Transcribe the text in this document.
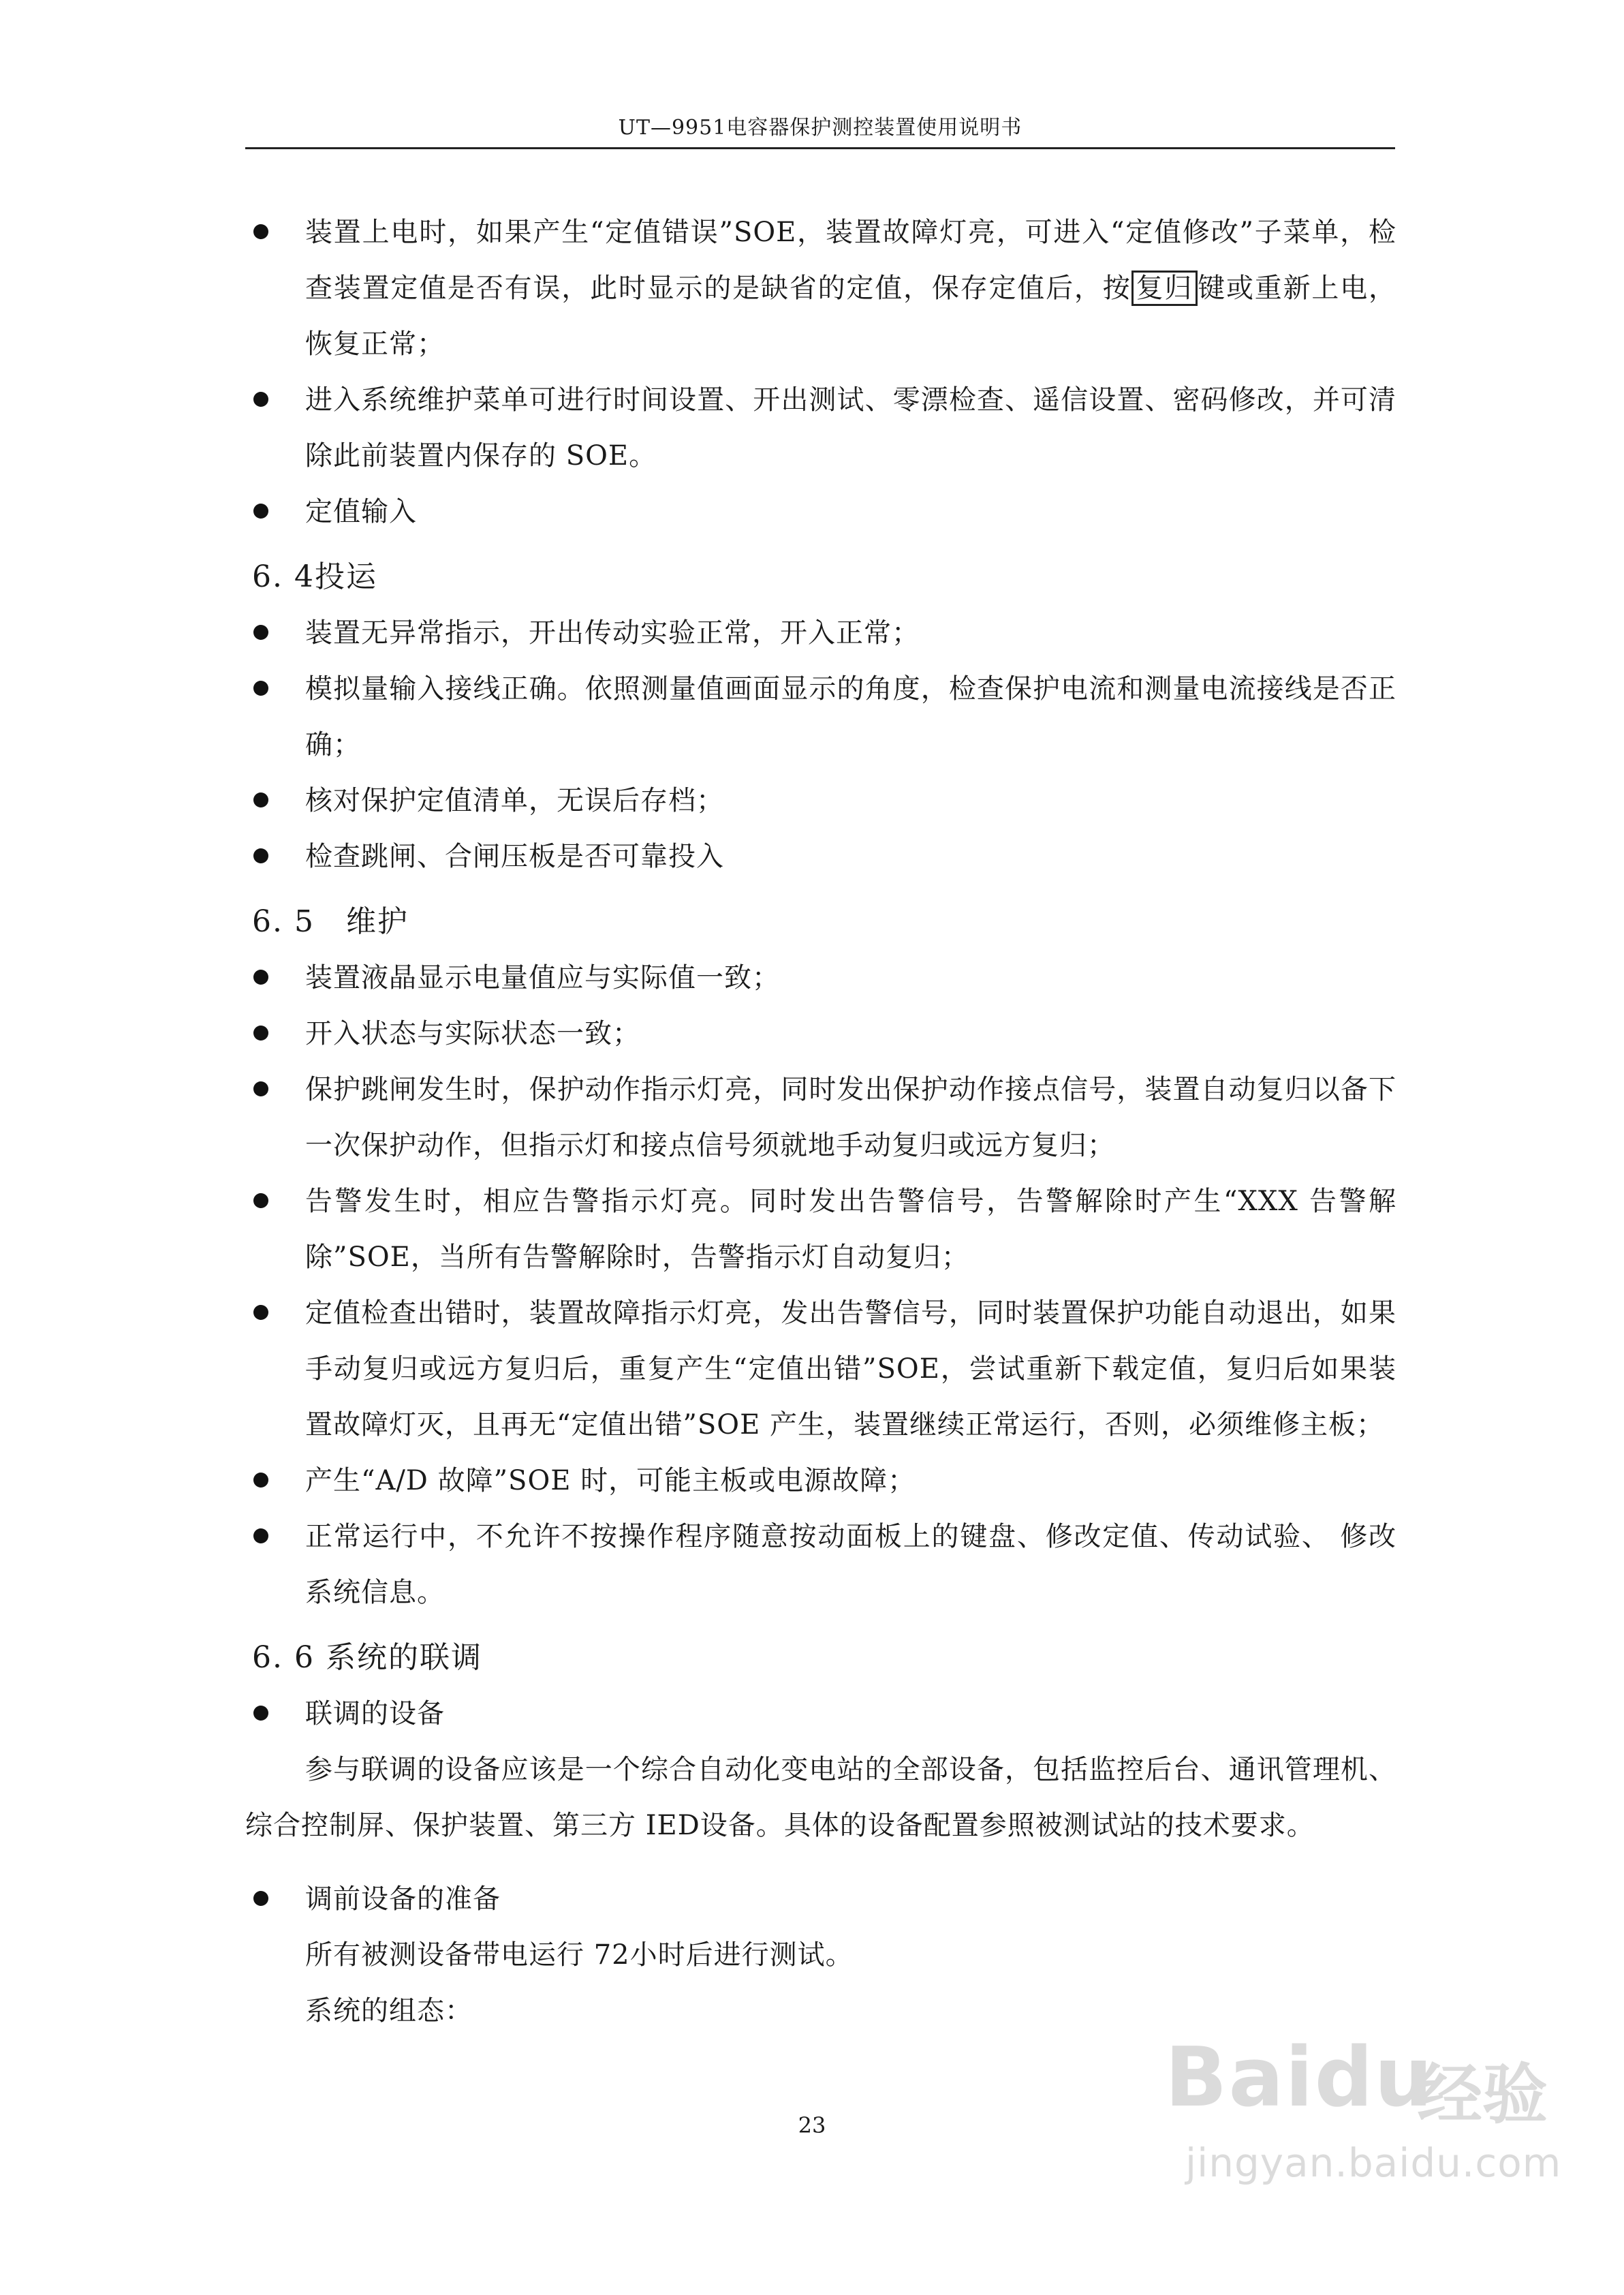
UT—9951电容器保护测控装置使用说明书
装置上电时，如果产生“定值错误”SOE，装置故障灯亮，可进入“定值修改”子菜单，检查装置定值是否有误，此时显示的是缺省的定值，保存定值后，按 复归 键或重新上电，恢复正常；
进入系统维护菜单可进行时间设置、开出测试、零漂检查、遥信设置、密码修改，并可清除此前装置内保存的 SOE。
定值输入
6. 4投运
装置无异常指示，开出传动实验正常，开入正常；
模拟量输入接线正确。依照测量值画面显示的角度，检查保护电流和测量电流接线是否正确；
核对保护定值清单，无误后存档；
检查跳闸、合闸压板是否可靠投入
6. 5　维护
装置液晶显示电量值应与实际值一致；
开入状态与实际状态一致；
保护跳闸发生时，保护动作指示灯亮，同时发出保护动作接点信号，装置自动复归以备下一次保护动作，但指示灯和接点信号须就地手动复归或远方复归；
告警发生时，相应告警指示灯亮。同时发出告警信号，告警解除时产生“XXX 告警解除”SOE，当所有告警解除时，告警指示灯自动复归；
定值检查出错时，装置故障指示灯亮，发出告警信号，同时装置保护功能自动退出，如果手动复归或远方复归后，重复产生“定值出错”SOE，尝试重新下载定值，复归后如果装置故障灯灭，且再无“定值出错”SOE 产生，装置继续正常运行，否则，必须维修主板；
产生“A/D 故障”SOE 时，可能主板或电源故障；
正常运行中，不允许不按操作程序随意按动面板上的键盘、修改定值、传动试验、 修改系统信息。
6. 6 系统的联调
联调的设备
参与联调的设备应该是一个综合自动化变电站的全部设备，包括监控后台、通讯管理机、综合控制屏、保护装置、第三方 IED设备。具体的设备配置参照被测试站的技术要求。
调前设备的准备
所有被测设备带电运行 72小时后进行测试。
系统的组态：
23	Baidu
经验
jingyan.baidu.com
